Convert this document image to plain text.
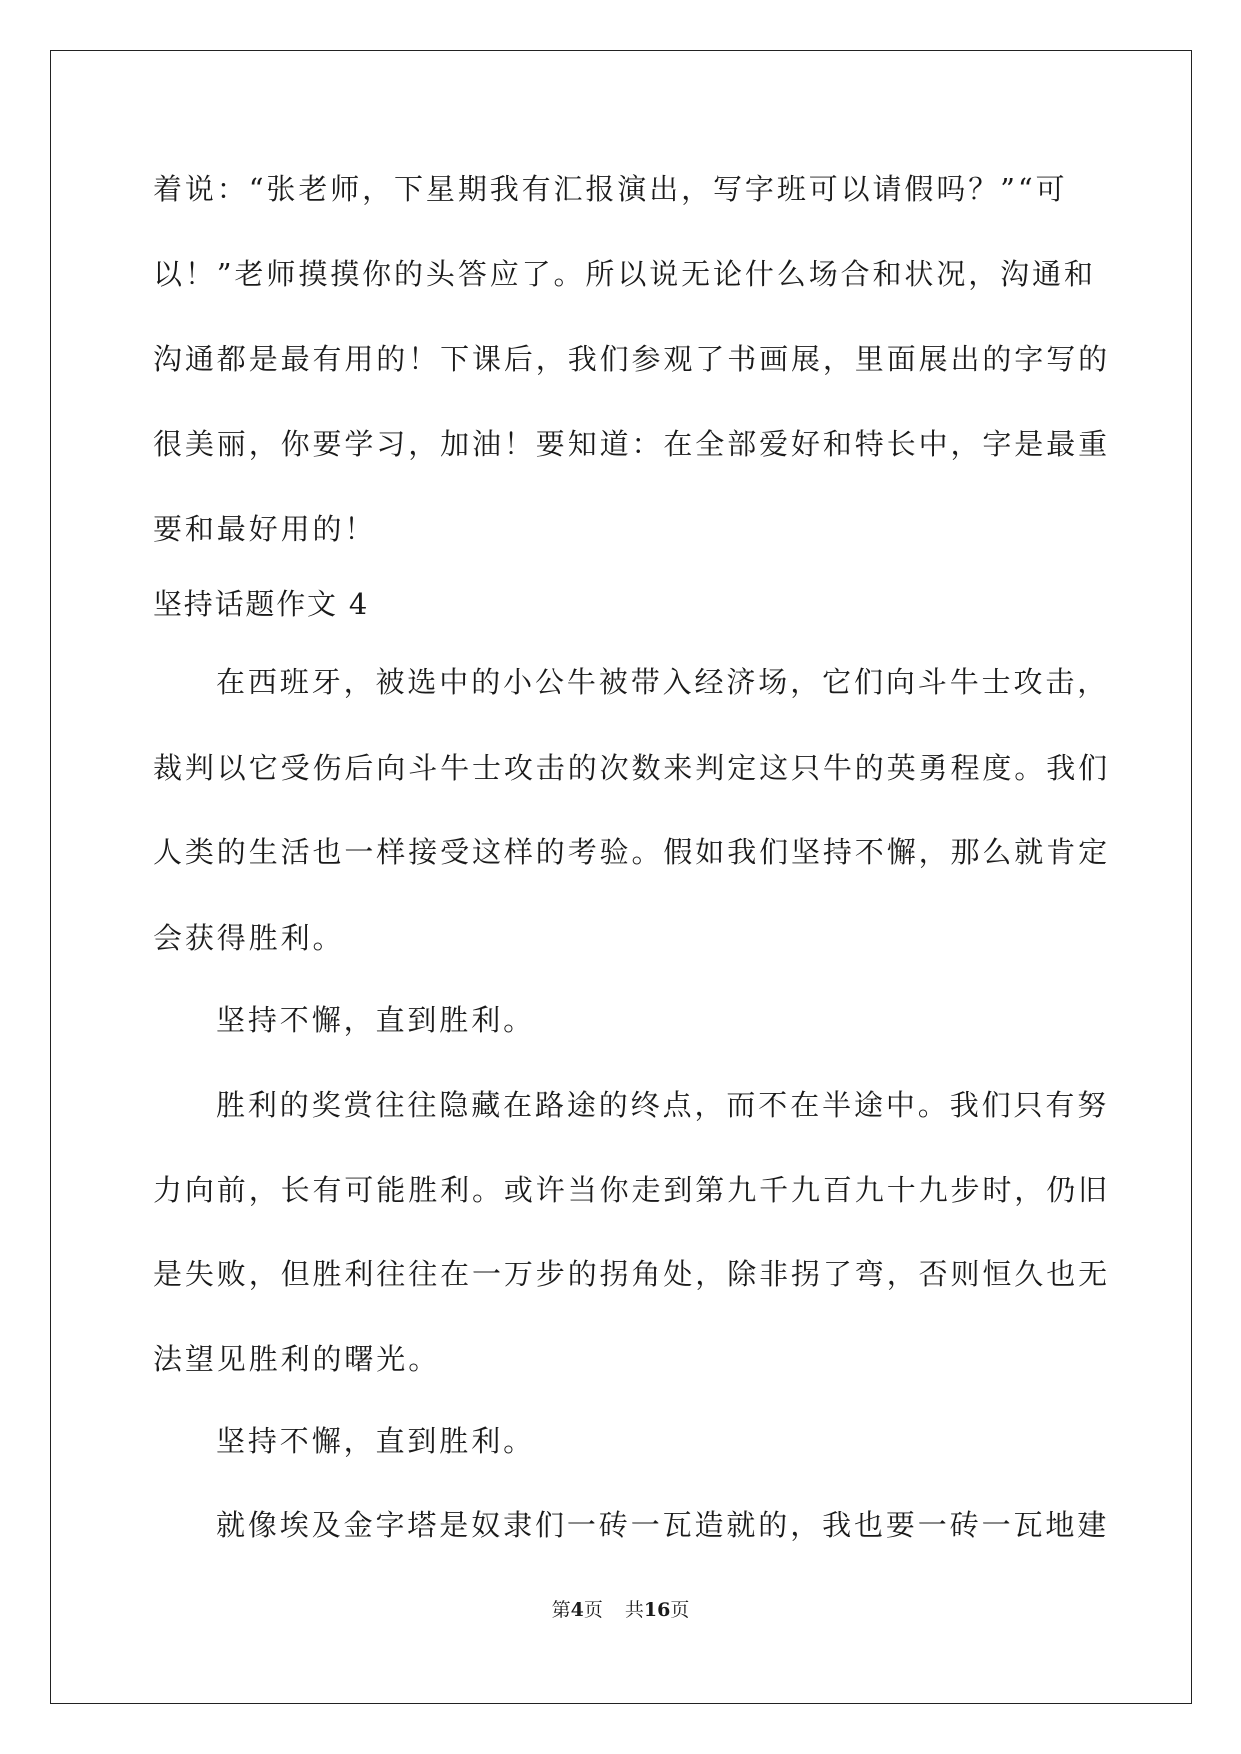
着说：“张老师，下星期我有汇报演出，写字班可以请假吗？”“可
以！”老师摸摸你的头答应了。所以说无论什么场合和状况，沟通和
沟通都是最有用的！下课后，我们参观了书画展，里面展出的字写的
很美丽，你要学习，加油！要知道：在全部爱好和特长中，字是最重
要和最好用的！
坚持话题作文 4
在西班牙，被选中的小公牛被带入经济场，它们向斗牛士攻击，
裁判以它受伤后向斗牛士攻击的次数来判定这只牛的英勇程度。我们
人类的生活也一样接受这样的考验。假如我们坚持不懈，那么就肯定
会获得胜利。
坚持不懈，直到胜利。
胜利的奖赏往往隐藏在路途的终点，而不在半途中。我们只有努
力向前，长有可能胜利。或许当你走到第九千九百九十九步时，仍旧
是失败，但胜利往往在一万步的拐角处，除非拐了弯，否则恒久也无
法望见胜利的曙光。
坚持不懈，直到胜利。
就像埃及金字塔是奴隶们一砖一瓦造就的，我也要一砖一瓦地建
第4页 共16页
